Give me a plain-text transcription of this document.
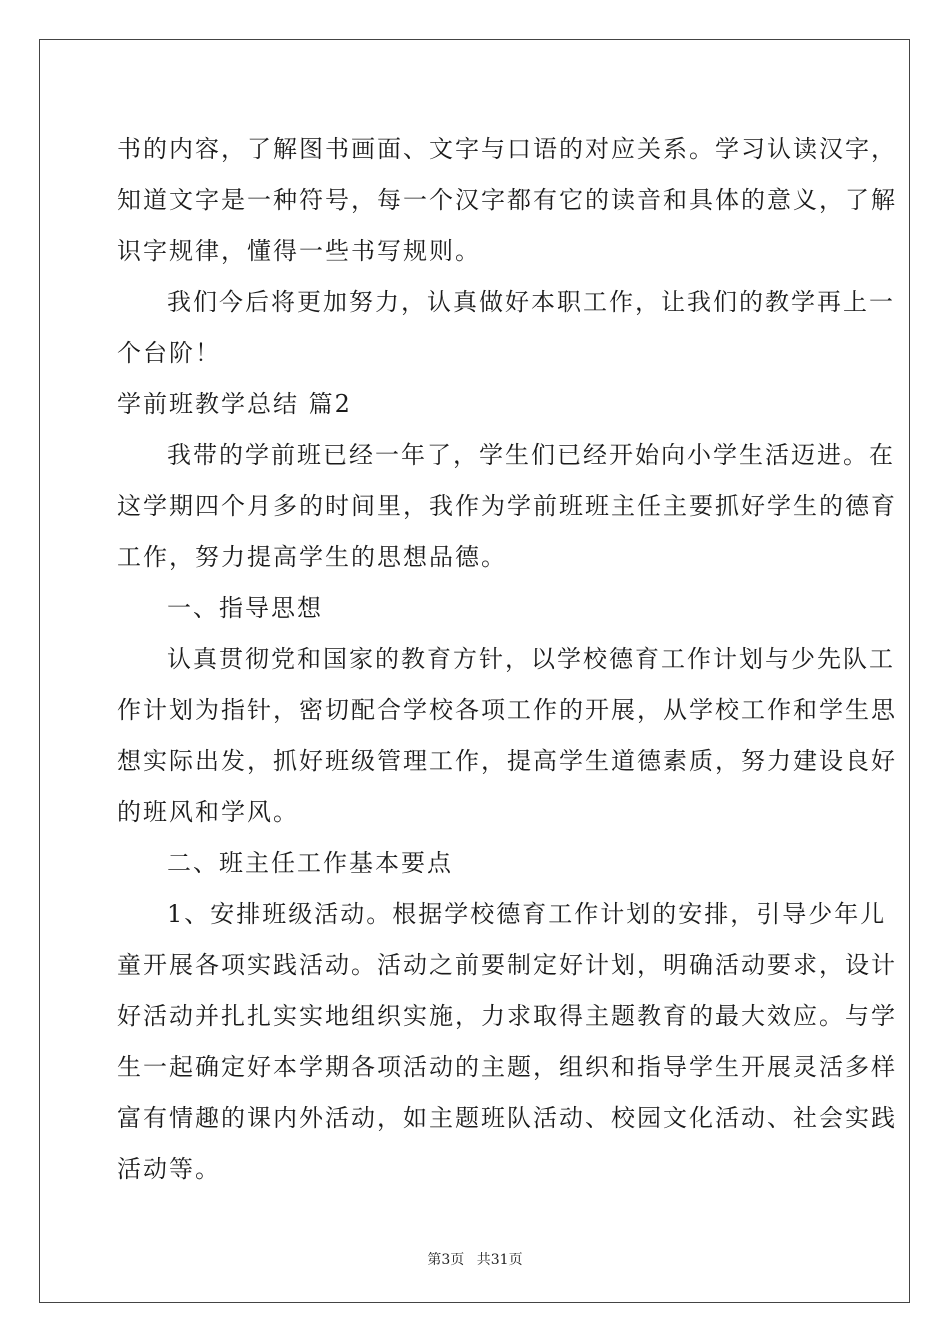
书的内容，了解图书画面、文字与口语的对应关系。学习认读汉字，
知道文字是一种符号，每一个汉字都有它的读音和具体的意义，了解
识字规律，懂得一些书写规则。
我们今后将更加努力，认真做好本职工作，让我们的教学再上一
个台阶！
学前班教学总结 篇2
我带的学前班已经一年了，学生们已经开始向小学生活迈进。在
这学期四个月多的时间里，我作为学前班班主任主要抓好学生的德育
工作，努力提高学生的思想品德。
一、指导思想
认真贯彻党和国家的教育方针，以学校德育工作计划与少先队工
作计划为指针，密切配合学校各项工作的开展，从学校工作和学生思
想实际出发，抓好班级管理工作，提高学生道德素质，努力建设良好
的班风和学风。
二、班主任工作基本要点
1、安排班级活动。根据学校德育工作计划的安排，引导少年儿
童开展各项实践活动。活动之前要制定好计划，明确活动要求，设计
好活动并扎扎实实地组织实施，力求取得主题教育的最大效应。与学
生一起确定好本学期各项活动的主题，组织和指导学生开展灵活多样
富有情趣的课内外活动，如主题班队活动、校园文化活动、社会实践
活动等。
第3页 共31页
